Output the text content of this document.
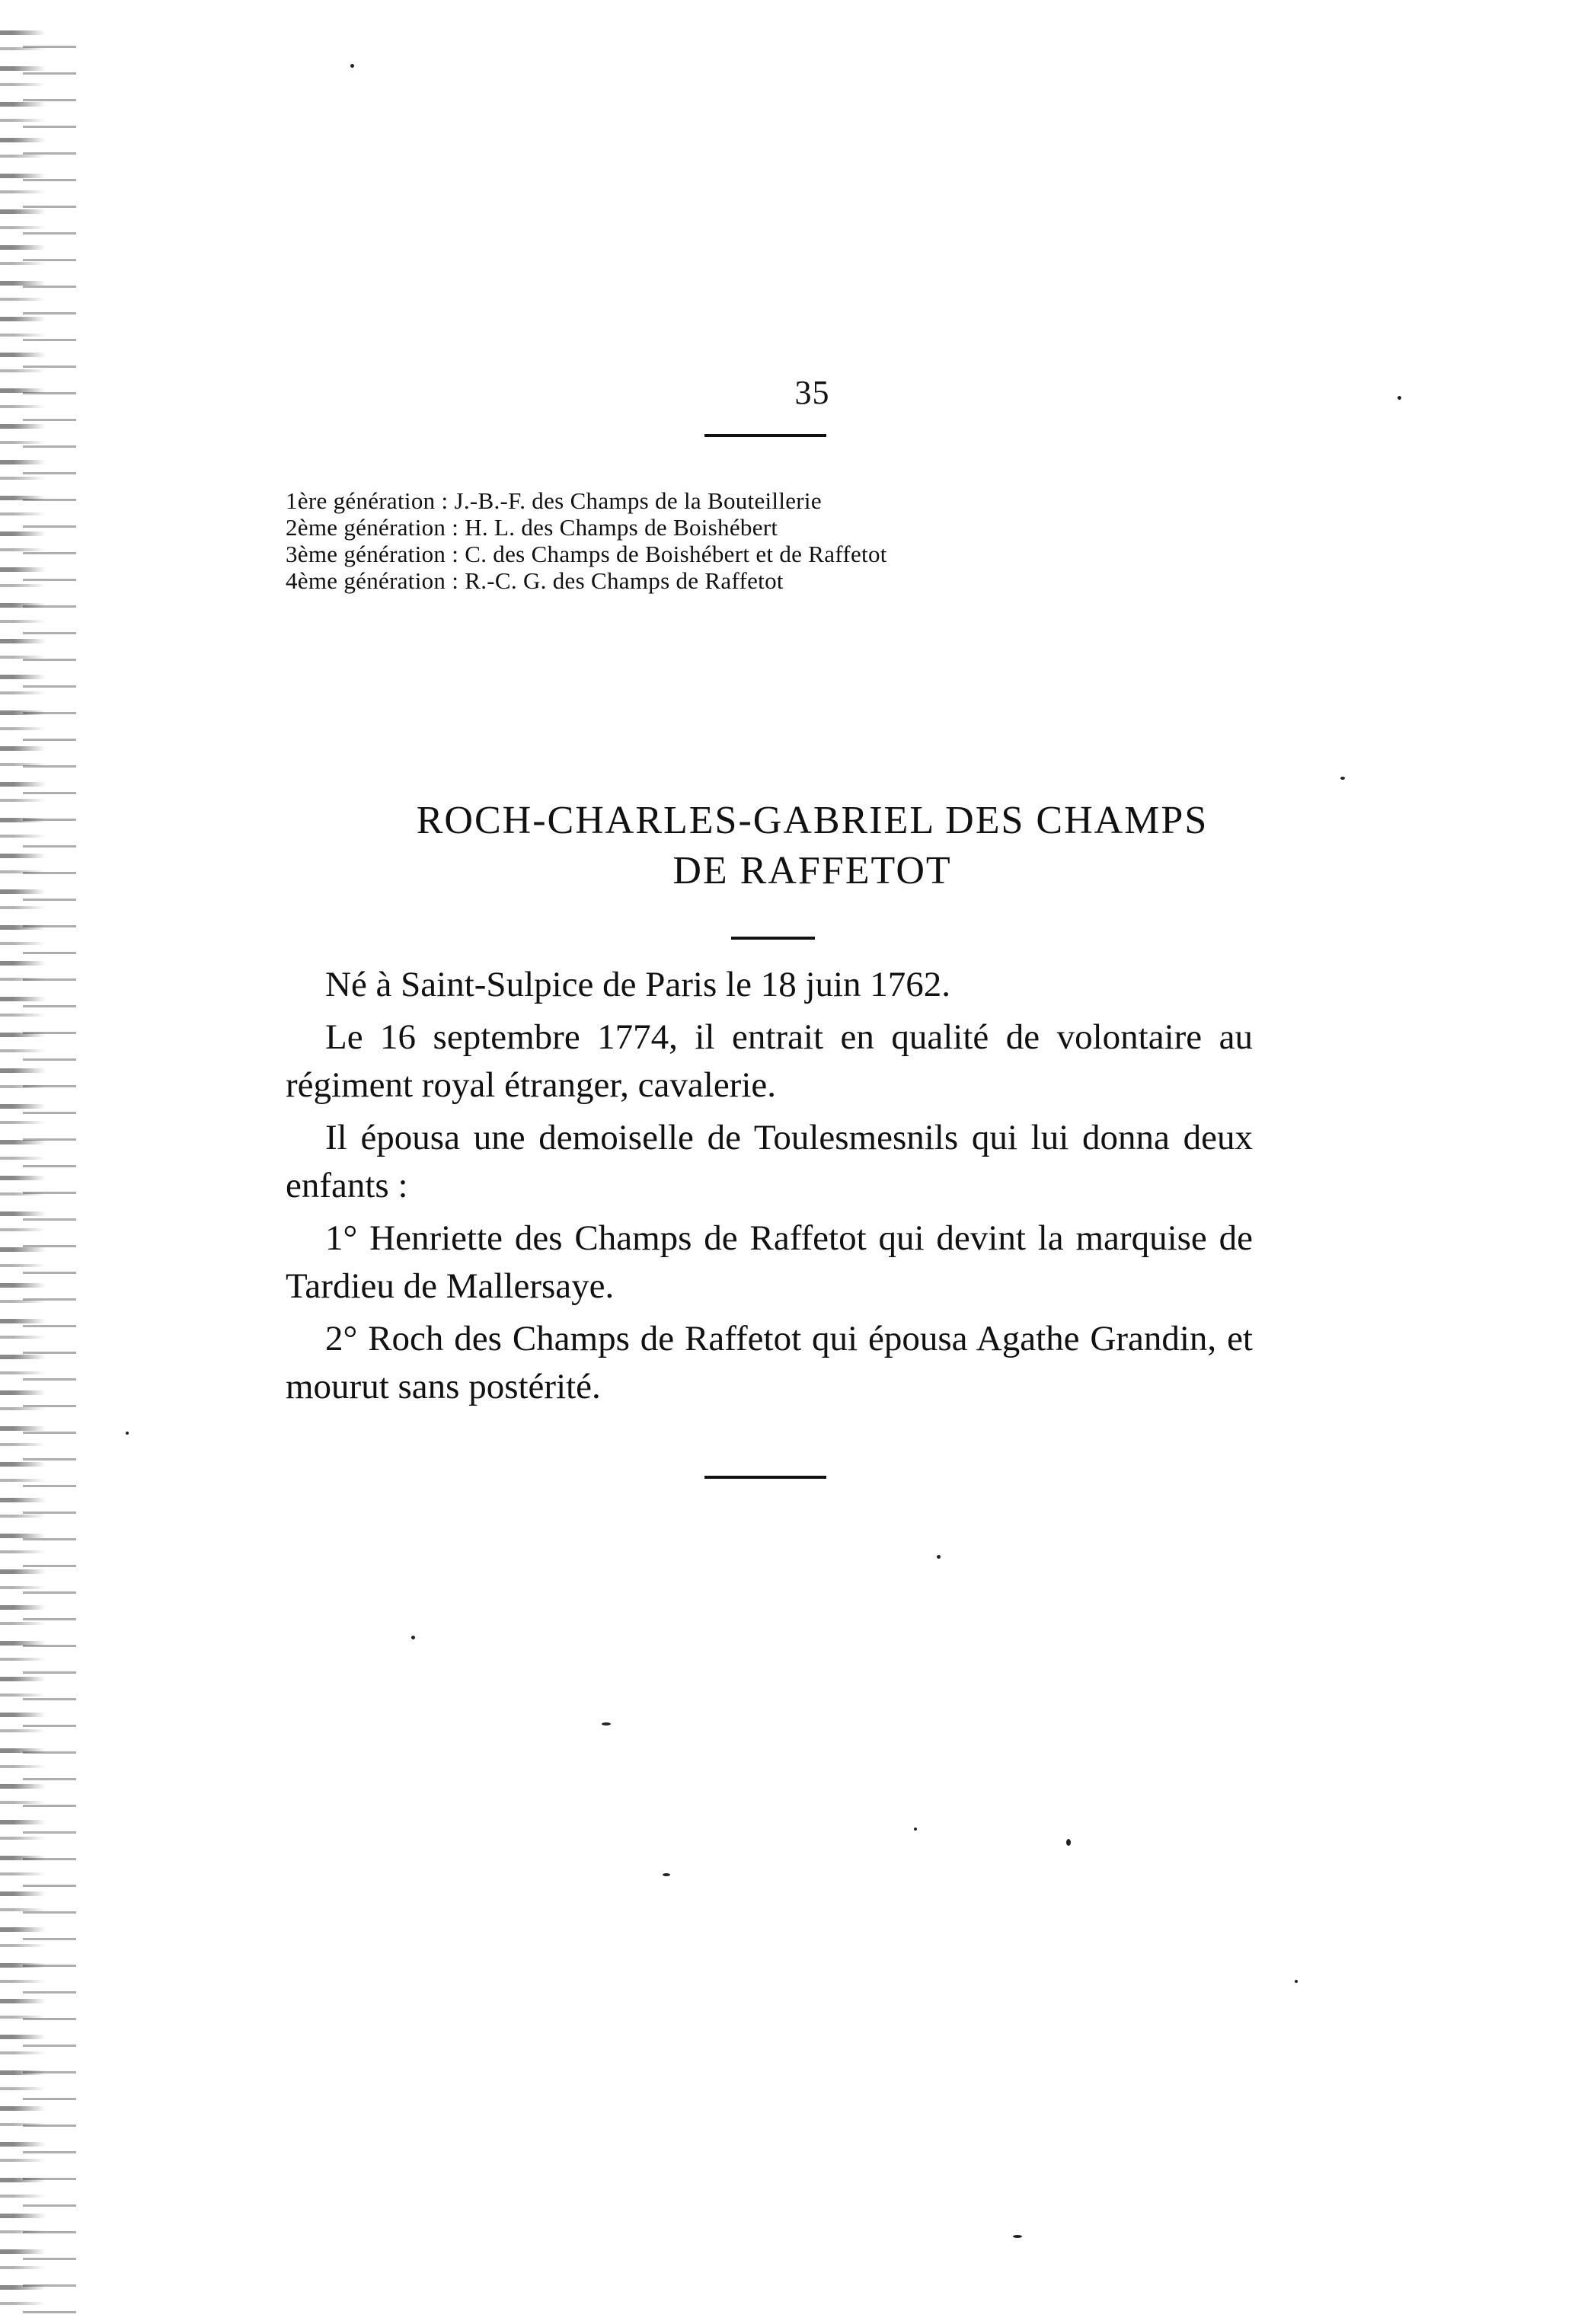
35
1ère génération : J.-B.-F. des Champs de la Bouteillerie
2ème génération : H. L. des Champs de Boishébert
3ème génération : C. des Champs de Boishébert et de Raffetot
4ème génération : R.-C. G. des Champs de Raffetot
ROCH-CHARLES-GABRIEL DES CHAMPS
DE RAFFETOT

Né à Saint-Sulpice de Paris le 18 juin 1762.

Le 16 septembre 1774, il entrait en qualité de volontaire au régiment royal étranger, cavalerie.

Il épousa une demoiselle de Toulesmesnils qui lui donna deux enfants :

1° Henriette des Champs de Raffetot qui devint la marquise de Tardieu de Mallersaye.

2° Roch des Champs de Raffetot qui épousa Agathe Grandin, et mourut sans postérité.
